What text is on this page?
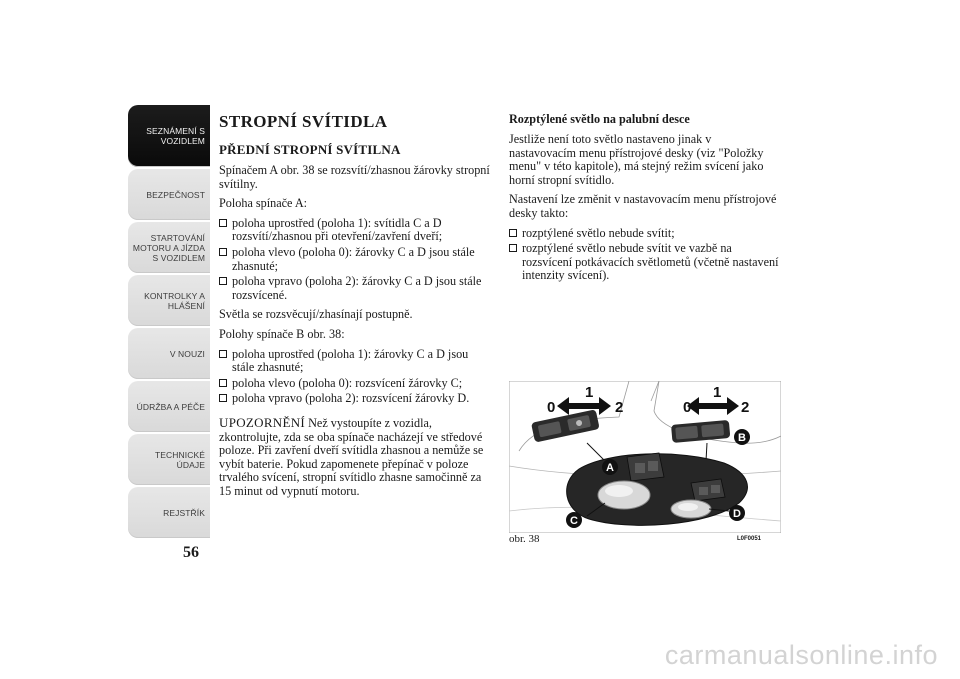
SEZNÁMENÍ S
VOZIDLEM
BEZPEČNOST
STARTOVÁNÍ
MOTORU A JÍZDA
S VOZIDLEM
KONTROLKY A
HLÁŠENÍ
V NOUZI
ÚDRŽBA A PÉČE
TECHNICKÉ
ÚDAJE
REJSTŘÍK
56
STROPNÍ SVÍTIDLA
PŘEDNÍ STROPNÍ SVÍTILNA

Spínačem A obr. 38 se rozsvítí/zhasnou žárovky stropní svítilny.

Poloha spínače A:

poloha uprostřed (poloha 1): svítidla C a D rozsvítí/zhasnou při otevření/zavření dveří;
poloha vlevo (poloha 0): žárovky C a D jsou stále zhasnuté;
poloha vpravo (poloha 2): žárovky C a D jsou stále rozsvícené.

Světla se rozsvěcují/zhasínají postupně.

Polohy spínače B obr. 38:

poloha uprostřed (poloha 1): žárovky C a D jsou stále zhasnuté;
poloha vlevo (poloha 0): rozsvícení žárovky C;
poloha vpravo (poloha 2): rozsvícení žárovky D.

UPOZORNĚNÍ Než vystoupíte z vozidla, zkontrolujte, zda se oba spínače nacházejí ve středové poloze. Při zavření dveří svítidla zhasnou a nemůže se vybít baterie. Pokud zapomenete přepínač v poloze trvalého svícení, stropní svítidlo zhasne samočinně za 15 minut od vypnutí motoru.

Rozptýlené světlo na palubní desce

Jestliže není toto světlo nastaveno jinak v nastavovacím menu přístrojové desky (viz "Položky menu" v této kapitole), má stejný režim svícení jako horní stropní svítidlo.

Nastavení lze změnit v nastavovacím menu přístrojové desky takto:

rozptýlené světlo nebude svítit;
rozptýlené světlo nebude svítit ve vazbě na rozsvícení potkávacích světlometů (včetně nastavení intenzity svícení).
0
1
2	0
1
2
A
B
C
D
obr. 38	L0F0051
carmanualsonline.info
